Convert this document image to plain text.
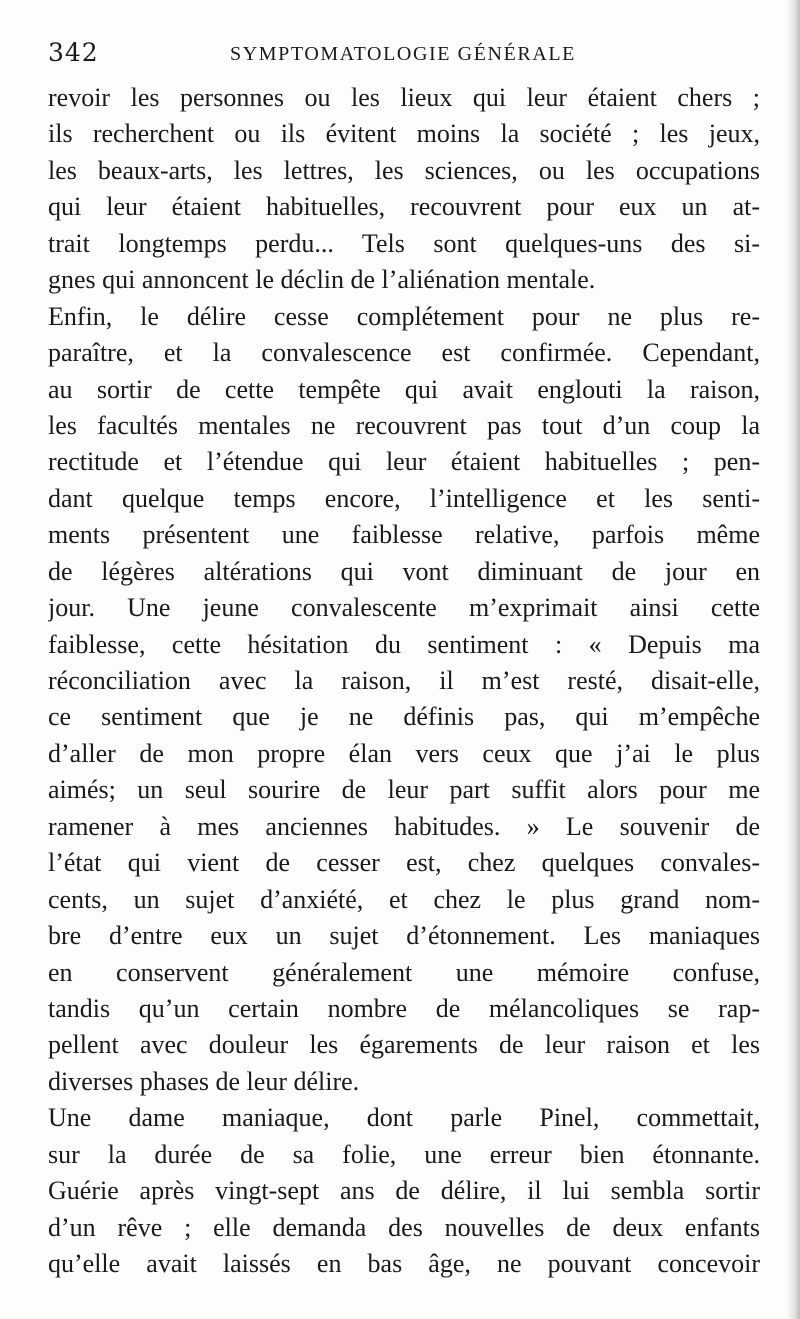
342	SYMPTOMATOLOGIE GÉNÉRALE
revoir les personnes ou les lieux qui leur étaient chers ;
ils recherchent ou ils évitent moins la société ; les jeux,
les beaux-arts, les lettres, les sciences, ou les occupations
qui leur étaient habituelles, recouvrent pour eux un at-
trait longtemps perdu... Tels sont quelques-uns des si-
gnes qui annoncent le déclin de l’aliénation mentale.
Enfin, le délire cesse complétement pour ne plus re-
paraître, et la convalescence est confirmée. Cependant,
au sortir de cette tempête qui avait englouti la raison,
les facultés mentales ne recouvrent pas tout d’un coup la
rectitude et l’étendue qui leur étaient habituelles ; pen-
dant quelque temps encore, l’intelligence et les senti-
ments présentent une faiblesse relative, parfois même
de légères altérations qui vont diminuant de jour en
jour. Une jeune convalescente m’exprimait ainsi cette
faiblesse, cette hésitation du sentiment : « Depuis ma
réconciliation avec la raison, il m’est resté, disait-elle,
ce sentiment que je ne définis pas, qui m’empêche
d’aller de mon propre élan vers ceux que j’ai le plus
aimés; un seul sourire de leur part suffit alors pour me
ramener à mes anciennes habitudes. » Le souvenir de
l’état qui vient de cesser est, chez quelques convales-
cents, un sujet d’anxiété, et chez le plus grand nom-
bre d’entre eux un sujet d’étonnement. Les maniaques
en conservent généralement une mémoire confuse,
tandis qu’un certain nombre de mélancoliques se rap-
pellent avec douleur les égarements de leur raison et les
diverses phases de leur délire.
Une dame maniaque, dont parle Pinel, commettait,
sur la durée de sa folie, une erreur bien étonnante.
Guérie après vingt-sept ans de délire, il lui sembla sortir
d’un rêve ; elle demanda des nouvelles de deux enfants
qu’elle avait laissés en bas âge, ne pouvant concevoir
